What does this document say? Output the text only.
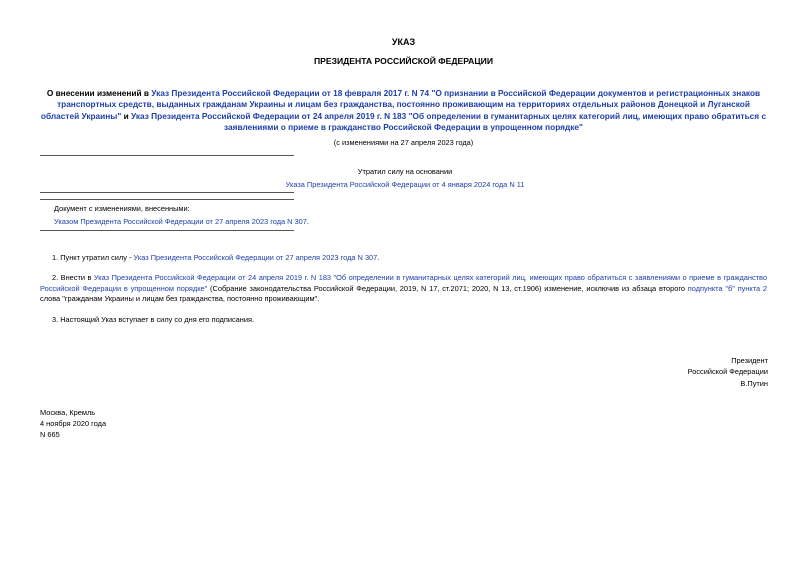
УКАЗ
ПРЕЗИДЕНТА РОССИЙСКОЙ ФЕДЕРАЦИИ
О внесении изменений в Указ Президента Российской Федерации от 18 февраля 2017 г. N 74 "О признании в Российской Федерации документов и регистрационных знаков транспортных средств, выданных гражданам Украины и лицам без гражданства, постоянно проживающим на территориях отдельных районов Донецкой и Луганской областей Украины" и Указ Президента Российской Федерации от 24 апреля 2019 г. N 183 "Об определении в гуманитарных целях категорий лиц, имеющих право обратиться с заявлениями о приеме в гражданство Российской Федерации в упрощенном порядке"
(с изменениями на 27 апреля 2023 года)
Утратил силу на основании
Указа Президента Российской Федерации от 4 января 2024 года N 11
Документ с изменениями, внесенными:
Указом Президента Российской Федерации от 27 апреля 2023 года N 307.
1. Пункт утратил силу - Указ Президента Российской Федерации от 27 апреля 2023 года N 307.
2. Внести в Указ Президента Российской Федерации от 24 апреля 2019 г. N 183 "Об определении в гуманитарных целях категорий лиц, имеющих право обратиться с заявлениями о приеме в гражданство Российской Федерации в упрощенном порядке" (Собрание законодательства Российской Федерации, 2019, N 17, ст.2071; 2020, N 13, ст.1906) изменение, исключив из абзаца второго подпункта "б" пункта 2 слова "гражданам Украины и лицам без гражданства, постоянно проживающим".
3. Настоящий Указ вступает в силу со дня его подписания.
Президент
Российской Федерации
В.Путин
Москва, Кремль
4 ноября 2020 года
N 665
